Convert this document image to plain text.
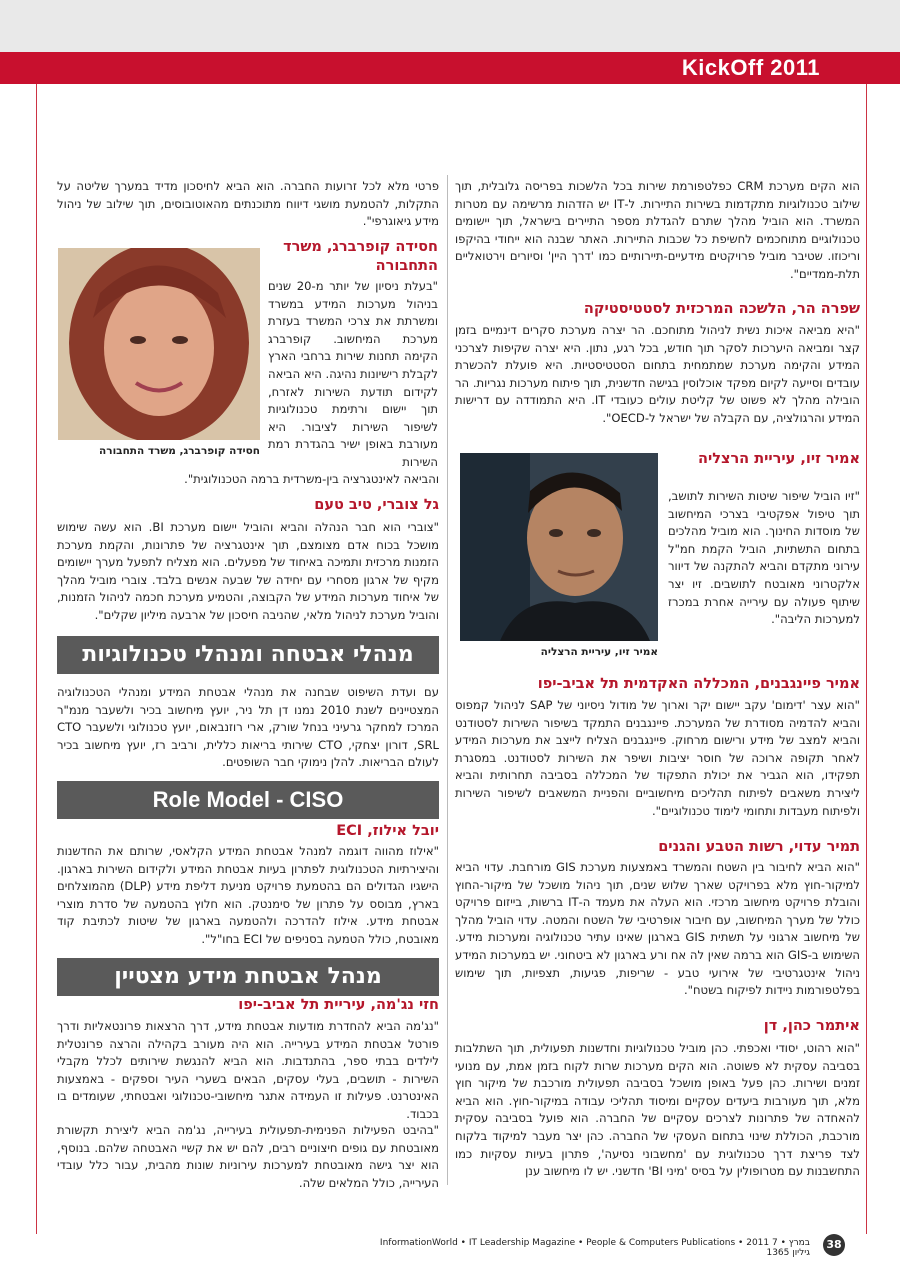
KickOff 2011

הוא הקים מערכת CRM כפלטפורמת שירות בכל הלשכות בפריסה גלובלית, תוך שילוב טכנולוגיות מתקדמות בשירות התיירות. ל-IT יש הזדהות מרשימה עם מטרות המשרד. הוא הוביל מהלך שתרם להגדלת מספר התיירים בישראל, תוך יישומים טכנולוגיים מתוחכמים לחשיפת כל שכבות התיירות. האתר שבנה הוא ייחודי בהיקפו וריכוזו. שטיבר מוביל פרויקטים מידעיים-תיירותיים כמו 'דרך היין' וסיורים וירטואליים תלת-ממדיים".

שפרה הר, הלשכה המרכזית לסטטיסטיקה

"היא מביאה איכות נשית לניהול מתוחכם. הר יצרה מערכת סקרים דינמיים בזמן קצר ומביאה היערכות לסקר תוך חודש, בכל רגע, נתון. היא יצרה שקיפות לצרכני המידע והקימה מערכת שמתמחית בתחום הסטטיסטיות. היא פועלת להכשרת עובדים וסייעה לקיום מפקד אוכלוסין בגישה חדשנית, תוך פיתוח מערכות נגריות. הר הובילה מהלך לא פשוט של קליטת עולים כעובדי IT. היא התמודדה עם דרישות המידע והרגולציה, עם הקבלה של ישראל ל-OECD".

אמיר זיו, עיריית הרצליה

"זיו הוביל שיפור שיטות השירות לתושב, תוך טיפול אפקטיבי בצרכי המיחשוב של מוסדות החינוך. הוא מוביל מהלכים בתחום התשתיות, הוביל הקמת חמ"ל עירוני מתקדם והביא להתקנה של דיוור אלקטרוני מאובטח לתושבים. זיו יצר שיתוף פעולה עם עירייה אחרת במכרז למערכות הליבה".

אמיר זיו, עיריית הרצליה

אמיר פיינגבנים, המכללה האקדמית תל אביב-יפו

"הוא עצר 'דימום' עקב יישום יקר וארוך של מודול ניסיוני של SAP לניהול קמפוס והביא להדמיה מסודרת של המערכת. פיינגבנים התמקד בשיפור השירות לסטודנט והביא למצב של מידע ורישום מרחוק. פיינגבנים הצליח לייצב את מערכות המידע לאחר תקופה ארוכה של חוסר יציבות ושיפר את השירות לסטודנט. במסגרת תפקידו, הוא הגביר את יכולת התפקוד של המכללה בסביבה תחרותית והביא ליצירת משאבים לפיתוח תהליכים מיחשוביים והפניית המשאבים לשיפור השירות ולפיתוח מעבדות ותחומי לימוד טכנולוגיים".

תמיר עדוי, רשות הטבע והגנים

"הוא הביא לחיבור בין השטח והמשרד באמצעות מערכת GIS מורחבת. עדוי הביא למיקור-חוץ מלא בפרויקט שארך שלוש שנים, תוך ניהול מושכל של מיקור-החוץ והובלת פרויקט מיחשוב מרכזי. הוא העלה את מעמד ה-IT ברשות, בייזום פרויקט כולל של מערך המיחשוב, עם חיבור אופרטיבי של השטח והמטה. עדוי הוביל מהלך של מיחשוב ארגוני על תשתית GIS בארגון שאינו עתיר טכנולוגיה ומערכות מידע. השימוש ב-GIS הוא ברמה שאין לה אח ורע בארגון לא ביטחוני. יש במערכות המידע ניהול אינטגרטיבי של אירועי טבע - שריפות, פגיעות, תצפיות, תוך שימוש בפלטפורמות ניידות לפיקוח בשטח".

איתמר כהן, דן

"הוא רהוט, יסודי ואכפתי. כהן מוביל טכנולוגיות וחדשנות תפעולית, תוך השתלבות בסביבה עסקית לא פשוטה. הוא הקים מערכות שרות לקוח בזמן אמת, עם מנועי זמנים ושירות. כהן פעל באופן מושכל בסביבה תפעולית מורכבת של מיקור חוץ מלא, תוך מעורבות ביעדים עסקיים ומיסוד תהליכי עבודה במיקור-חוץ. הוא הביא להאחדה של פתרונות לצרכים עסקיים של החברה. הוא פועל בסביבה עסקית מורכבת, הכוללת שינוי בתחום העסקי של החברה. כהן יצר מעבר למיקוד בלקוח לצד פריצת דרך טכנולוגית עם 'מחשבוני נסיעה', פתרון בעיות עסקיות כמו התחשבנות עם מטרופולין על בסיס 'מיני BI' חדשני. יש לו מיחשוב ענן

פרטי מלא לכל זרועות החברה. הוא הביא לחיסכון מדיד במערך שליטה על התקלות, להטמעת מושגי דיווח מתוכנתים מהאוטובוסים, תוך שילוב של ניהול מידע גיאוגרפי".

חסידה קופרברג, משרד התחבורה

"בעלת ניסיון של יותר מ-20 שנים בניהול מערכות המידע במשרד ומשרתת את צרכי המשרד בעזרת מערכת המיחשוב. קופרברג הקימה תחנות שירות ברחבי הארץ לקבלת רישיונות נהיגה. היא הביאה לקידום תודעת השירות לאזרח, תוך יישום ורתימת טכנולוגיות לשיפור השירות לציבור. היא מעורבת באופן ישיר בהגדרת רמת השירות

והביאה לאינטגרציה בין-משרדית ברמה הטכנולוגית".

חסידה קופרברג, משרד התחבורה

גל צוברי, טיב טעם

"צוברי הוא חבר הנהלה והביא והוביל יישום מערכת BI. הוא עשה שימוש מושכל בכוח אדם מצומצם, תוך אינטגרציה של פתרונות, והקמת מערכת הזמנות מרכזית ותמיכה באיחוד של מפעלים. הוא מצליח לתפעל מערך יישומים מקיף של ארגון מסחרי עם יחידה של שבעה אנשים בלבד. צוברי מוביל מהלך של איחוד מערכות המידע של הקבוצה, והטמיע מערכת חכמה לניהול הזמנות, והוביל מערכת לניהול מלאי, שהניבה חיסכון של ארבעה מיליון שקלים".

מנהלי אבטחה ומנהלי טכנולוגיות

עם ועדת השיפוט שבחנה את מנהלי אבטחת המידע ומנהלי הטכנולוגיה המצטיינים לשנת 2010 נמנו דן תל ניר, יועץ מיחשוב בכיר ולשעבר מנמ"ר המרכז למחקר גרעיני בנחל שורק, ארי רוזנבאום, יועץ טכנולוגי ולשעבר CTO SRL, דורון יצחקי, CTO שירותי בריאות כללית, ורביב רז, יועץ מיחשוב בכיר לעולם הבריאות. להלן נימוקי חבר השופטים.

Role Model - CISO

יובל אילוז, ECI

"אילוז מהווה דוגמה למנהל אבטחת המידע הקלאסי, שרותם את החדשנות והיצירתיות הטכנולוגית לפתרון בעיות אבטחת המידע ולקידום השירות בארגון. הישגיו הגדולים הם בהטמעת פרויקט מניעת דליפת מידע (DLP) מהמוצלחים בארץ, מבוסס על פתרון של סימנטק. הוא חלוץ בהטמעה של סדרת מוצרי אבטחת מידע. אילוז להדרכה ולהטמעה בארגון של שיטות לכתיבת קוד מאובטח, כולל הטמעה בסניפים של ECI בחו"ל".

מנהל אבטחת מידע מצטיין

חזי נג'מה, עיריית תל אביב-יפו

"נג'מה הביא להחדרת מודעות אבטחת מידע, דרך הרצאות פרונטאליות ודרך פורטל אבטחת המידע בעירייה. הוא היה מעורב בקהילה והרצה פרונטלית לילדים בבתי ספר, בהתנדבות. הוא הביא להנגשת שירותים לכלל מקבלי השירות - תושבים, בעלי עסקים, הבאים בשערי העיר וספקים - באמצעות האינטרנט. פעילות זו העמידה אתגר מיחשובי-טכנולוגי ואבטחתי, שעומדים בו בכבוד.

"בהיבט הפעילות הפנימית-תפעולית בעירייה, נג'מה הביא ליצירת תקשורת מאובטחת עם גופים חיצוניים רבים, להם יש את קשיי האבטחה שלהם. בנוסף, הוא יצר גישה מאובטחת למערכות עירוניות שונות מהבית, עבור כלל עובדי העירייה, כולל המלאים שלה.

InformationWorld • IT Leadership Magazine • People & Computers Publications • 2011 7 במרץ • גיליון 1365
38
